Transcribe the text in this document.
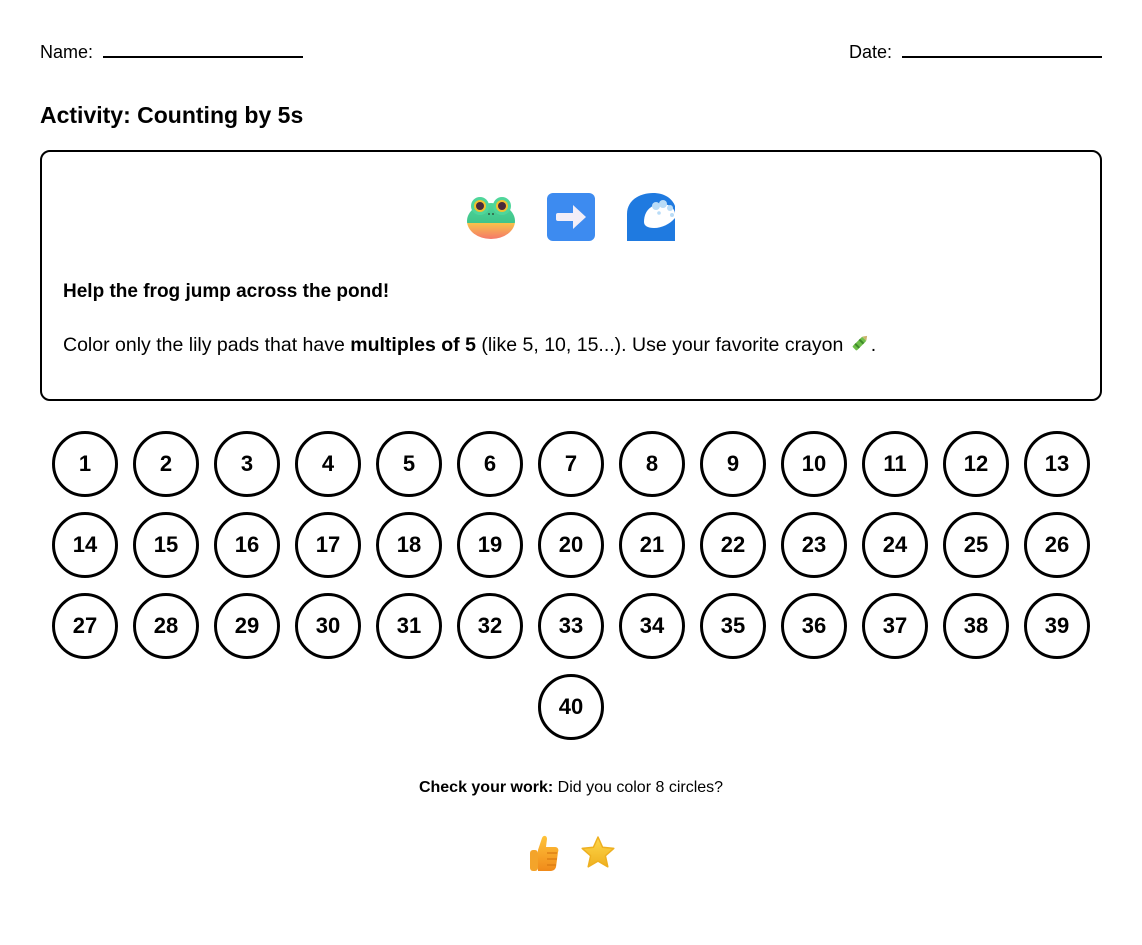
Name:	Date:
Activity: Counting by 5s

Help the frog jump across the pond!

Color only the lily pads that have multiples of 5 (like 5, 10, 15...). Use your favorite crayon .

1	2	3	4	5	6	7	8	9	10	11	12	13
14	15	16	17	18	19	20	21	22	23	24	25	26
27	28	29	30	31	32	33	34	35	36	37	38	39
40
Check your work: Did you color 8 circles?
